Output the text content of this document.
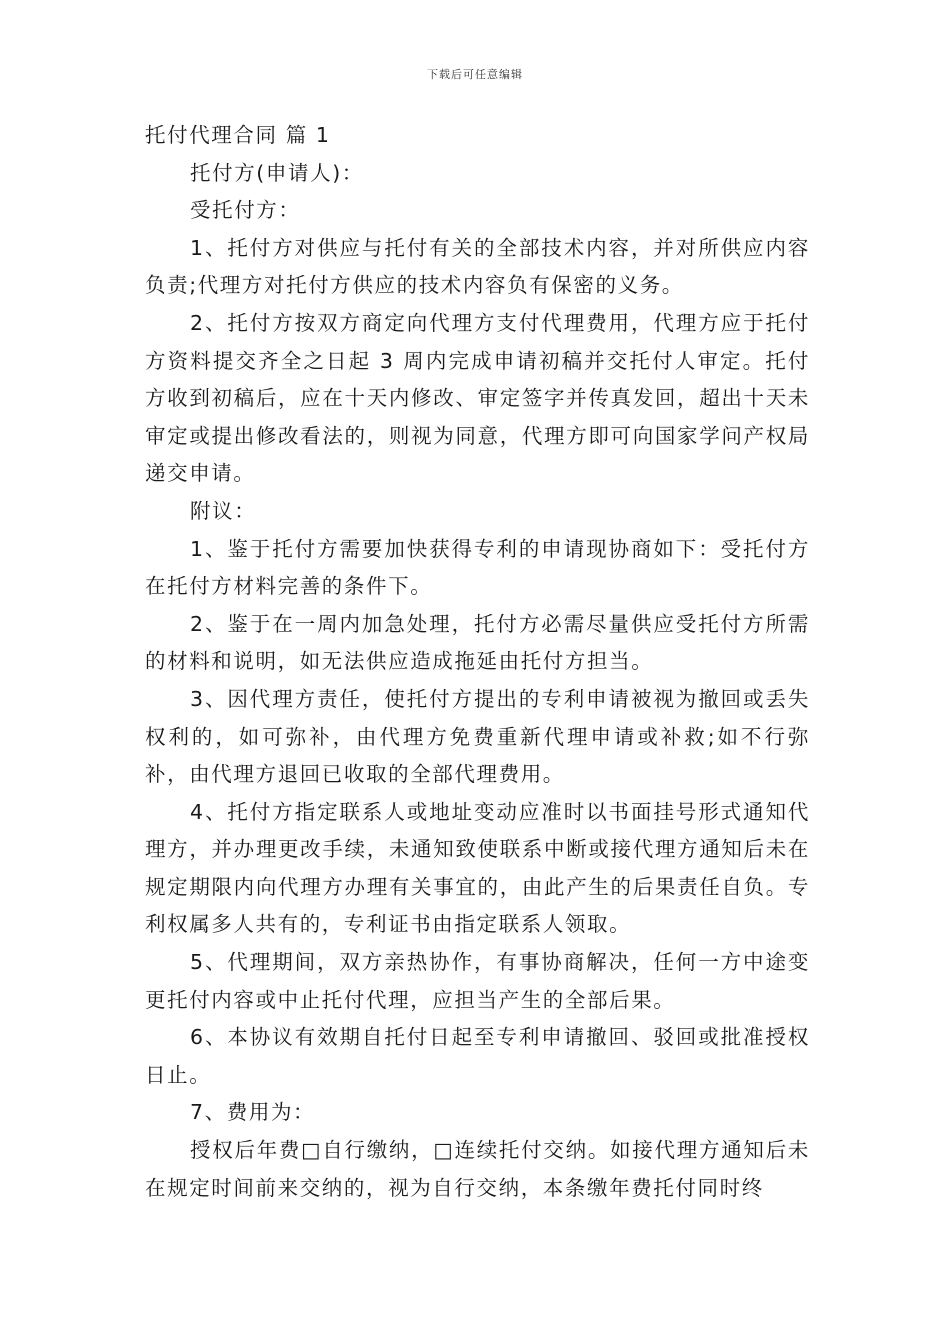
下载后可任意编辑
托付代理合同 篇 1

托付方(申请人)：

受托付方：

1、托付方对供应与托付有关的全部技术内容，并对所供应内容负责;代理方对托付方供应的技术内容负有保密的义务。

2、托付方按双方商定向代理方支付代理费用，代理方应于托付方资料提交齐全之日起 3 周内完成申请初稿并交托付人审定。托付方收到初稿后，应在十天内修改、审定签字并传真发回，超出十天未审定或提出修改看法的，则视为同意，代理方即可向国家学问产权局递交申请。

附议：

1、鉴于托付方需要加快获得专利的申请现协商如下：受托付方在托付方材料完善的条件下。

2、鉴于在一周内加急处理，托付方必需尽量供应受托付方所需的材料和说明，如无法供应造成拖延由托付方担当。

3、因代理方责任，使托付方提出的专利申请被视为撤回或丢失权利的，如可弥补，由代理方免费重新代理申请或补救;如不行弥补，由代理方退回已收取的全部代理费用。

4、托付方指定联系人或地址变动应准时以书面挂号形式通知代理方，并办理更改手续，未通知致使联系中断或接代理方通知后未在规定期限内向代理方办理有关事宜的，由此产生的后果责任自负。专利权属多人共有的，专利证书由指定联系人领取。

5、代理期间，双方亲热协作，有事协商解决，任何一方中途变更托付内容或中止托付代理，应担当产生的全部后果。

6、本协议有效期自托付日起至专利申请撤回、驳回或批准授权日止。

7、费用为：

授权后年费□自行缴纳，□连续托付交纳。如接代理方通知后未在规定时间前来交纳的，视为自行交纳，本条缴年费托付同时终
